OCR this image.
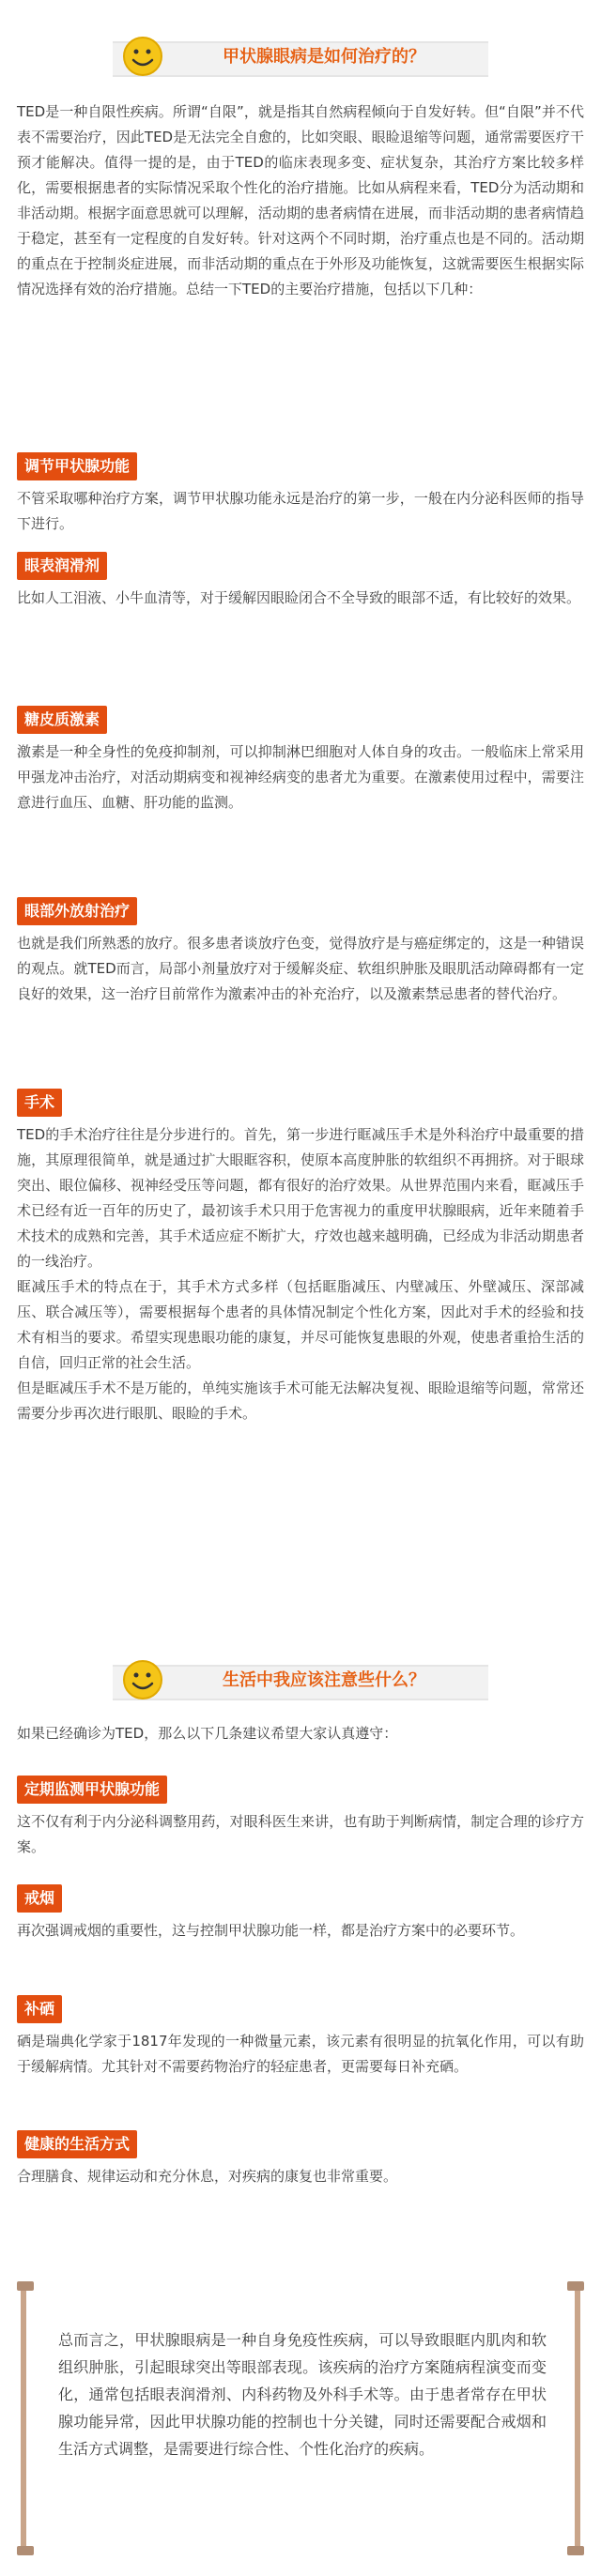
甲状腺眼病是如何治疗的？

TED是一种自限性疾病。所谓“自限”，就是指其自然病程倾向于自发好转。但“自限”并不代表不需要治疗，因此TED是无法完全自愈的，比如突眼、眼睑退缩等问题，通常需要医疗干预才能解决。值得一提的是，由于TED的临床表现多变、症状复杂，其治疗方案比较多样化，需要根据患者的实际情况采取个性化的治疗措施。比如从病程来看，TED分为活动期和非活动期。根据字面意思就可以理解，活动期的患者病情在进展，而非活动期的患者病情趋于稳定，甚至有一定程度的自发好转。针对这两个不同时期，治疗重点也是不同的。活动期的重点在于控制炎症进展，而非活动期的重点在于外形及功能恢复，这就需要医生根据实际情况选择有效的治疗措施。总结一下TED的主要治疗措施，包括以下几种：

调节甲状腺功能

不管采取哪种治疗方案，调节甲状腺功能永远是治疗的第一步，一般在内分泌科医师的指导下进行。

眼表润滑剂

比如人工泪液、小牛血清等，对于缓解因眼睑闭合不全导致的眼部不适，有比较好的效果。

糖皮质激素

激素是一种全身性的免疫抑制剂，可以抑制淋巴细胞对人体自身的攻击。一般临床上常采用甲强龙冲击治疗，对活动期病变和视神经病变的患者尤为重要。在激素使用过程中，需要注意进行血压、血糖、肝功能的监测。

眼部外放射治疗

也就是我们所熟悉的放疗。很多患者谈放疗色变，觉得放疗是与癌症绑定的，这是一种错误的观点。就TED而言，局部小剂量放疗对于缓解炎症、软组织肿胀及眼肌活动障碍都有一定良好的效果，这一治疗目前常作为激素冲击的补充治疗，以及激素禁忌患者的替代治疗。

手术

TED的手术治疗往往是分步进行的。首先，第一步进行眶减压手术是外科治疗中最重要的措施，其原理很简单，就是通过扩大眼眶容积，使原本高度肿胀的软组织不再拥挤。对于眼球突出、眼位偏移、视神经受压等问题，都有很好的治疗效果。从世界范围内来看，眶减压手术已经有近一百年的历史了，最初该手术只用于危害视力的重度甲状腺眼病，近年来随着手术技术的成熟和完善，其手术适应症不断扩大，疗效也越来越明确，已经成为非活动期患者的一线治疗。

眶减压手术的特点在于，其手术方式多样（包括眶脂减压、内壁减压、外壁减压、深部减压、联合减压等），需要根据每个患者的具体情况制定个性化方案，因此对手术的经验和技术有相当的要求。希望实现患眼功能的康复，并尽可能恢复患眼的外观，使患者重拾生活的自信，回归正常的社会生活。

但是眶减压手术不是万能的，单纯实施该手术可能无法解决复视、眼睑退缩等问题，常常还需要分步再次进行眼肌、眼睑的手术。

生活中我应该注意些什么？

如果已经确诊为TED，那么以下几条建议希望大家认真遵守：

定期监测甲状腺功能

这不仅有利于内分泌科调整用药，对眼科医生来讲，也有助于判断病情，制定合理的诊疗方案。

戒烟

再次强调戒烟的重要性，这与控制甲状腺功能一样，都是治疗方案中的必要环节。

补硒

硒是瑞典化学家于1817年发现的一种微量元素，该元素有很明显的抗氧化作用，可以有助于缓解病情。尤其针对不需要药物治疗的轻症患者，更需要每日补充硒。

健康的生活方式

合理膳食、规律运动和充分休息，对疾病的康复也非常重要。

总而言之，甲状腺眼病是一种自身免疫性疾病，可以导致眼眶内肌肉和软组织肿胀，引起眼球突出等眼部表现。该疾病的治疗方案随病程演变而变化，通常包括眼表润滑剂、内科药物及外科手术等。由于患者常存在甲状腺功能异常，因此甲状腺功能的控制也十分关键，同时还需要配合戒烟和生活方式调整，是需要进行综合性、个性化治疗的疾病。
